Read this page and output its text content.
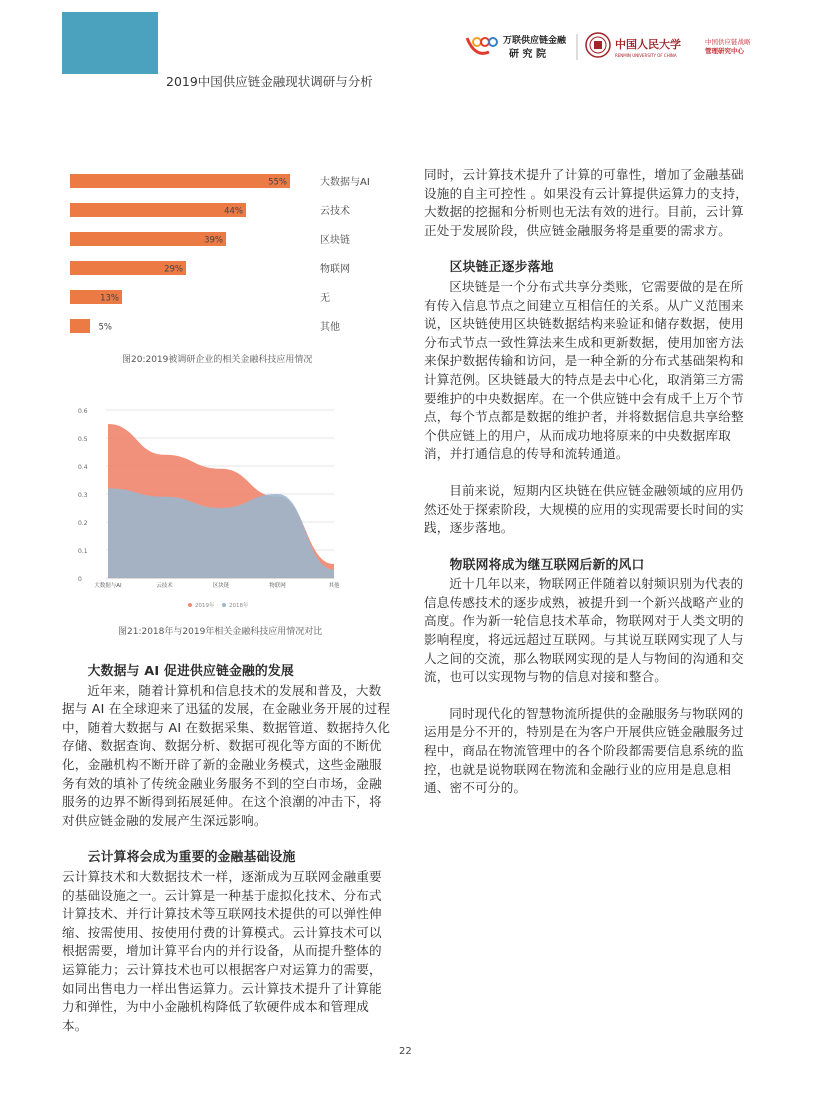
2019中国供应链金融现状调研与分析
万联供应链金融
研 究 院
中国人民大学
RENMIN UNIVERSITY OF CHINA
中国供应链战略
管理研究中心
55%	大数据与AI
44%	云技术
39%	区块链
29%	物联网
13%	无
5%	其他
图20:2019被调研企业的相关金融科技应用情况
0
0.1
0.2
0.3
0.4
0.5
0.6
大数据与AI	云技术	区块链	物联网	其他
2019年	2018年
图21:2018年与2019年相关金融科技应用情况对比
大数据与 AI 促进供应链金融的发展

近年来，随着计算机和信息技术的发展和普及，大数据与 AI 在全球迎来了迅猛的发展，在金融业务开展的过程中，随着大数据与 AI 在数据采集、数据管道、数据持久化存储、数据查询、数据分析、数据可视化等方面的不断优化，金融机构不断开辟了新的金融业务模式，这些金融服务有效的填补了传统金融业务服务不到的空白市场，金融服务的边界不断得到拓展延伸。在这个浪潮的冲击下，将对供应链金融的发展产生深远影响。

云计算将会成为重要的金融基础设施

云计算技术和大数据技术一样，逐渐成为互联网金融重要的基础设施之一。云计算是一种基于虚拟化技术、分布式计算技术、并行计算技术等互联网技术提供的可以弹性伸缩、按需使用、按使用付费的计算模式。云计算技术可以根据需要，增加计算平台内的并行设备，从而提升整体的运算能力；云计算技术也可以根据客户对运算力的需要，如同出售电力一样出售运算力。云计算技术提升了计算能力和弹性，为中小金融机构降低了软硬件成本和管理成本。

同时，云计算技术提升了计算的可靠性，增加了金融基础设施的自主可控性 。如果没有云计算提供运算力的支持，大数据的挖掘和分析则也无法有效的进行。目前，云计算正处于发展阶段，供应链金融服务将是重要的需求方。

区块链正逐步落地

区块链是一个分布式共享分类账，它需要做的是在所有传入信息节点之间建立互相信任的关系。从广义范围来说，区块链使用区块链数据结构来验证和储存数据，使用分布式节点一致性算法来生成和更新数据，使用加密方法来保护数据传输和访问，是一种全新的分布式基础架构和计算范例。区块链最大的特点是去中心化，取消第三方需要维护的中央数据库。在一个供应链中会有成千上万个节点，每个节点都是数据的维护者，并将数据信息共享给整个供应链上的用户，从而成功地将原来的中央数据库取消，并打通信息的传导和流转通道。

目前来说，短期内区块链在供应链金融领域的应用仍然还处于探索阶段，大规模的应用的实现需要长时间的实践，逐步落地。

物联网将成为继互联网后新的风口

近十几年以来，物联网正伴随着以射频识别为代表的信息传感技术的逐步成熟，被提升到一个新兴战略产业的高度。作为新一轮信息技术革命，物联网对于人类文明的影响程度，将远远超过互联网。与其说互联网实现了人与人之间的交流，那么物联网实现的是人与物间的沟通和交流，也可以实现物与物的信息对接和整合。

同时现代化的智慧物流所提供的金融服务与物联网的运用是分不开的，特别是在为客户开展供应链金融服务过程中，商品在物流管理中的各个阶段都需要信息系统的监控，也就是说物联网在物流和金融行业的应用是息息相通、密不可分的。

22
